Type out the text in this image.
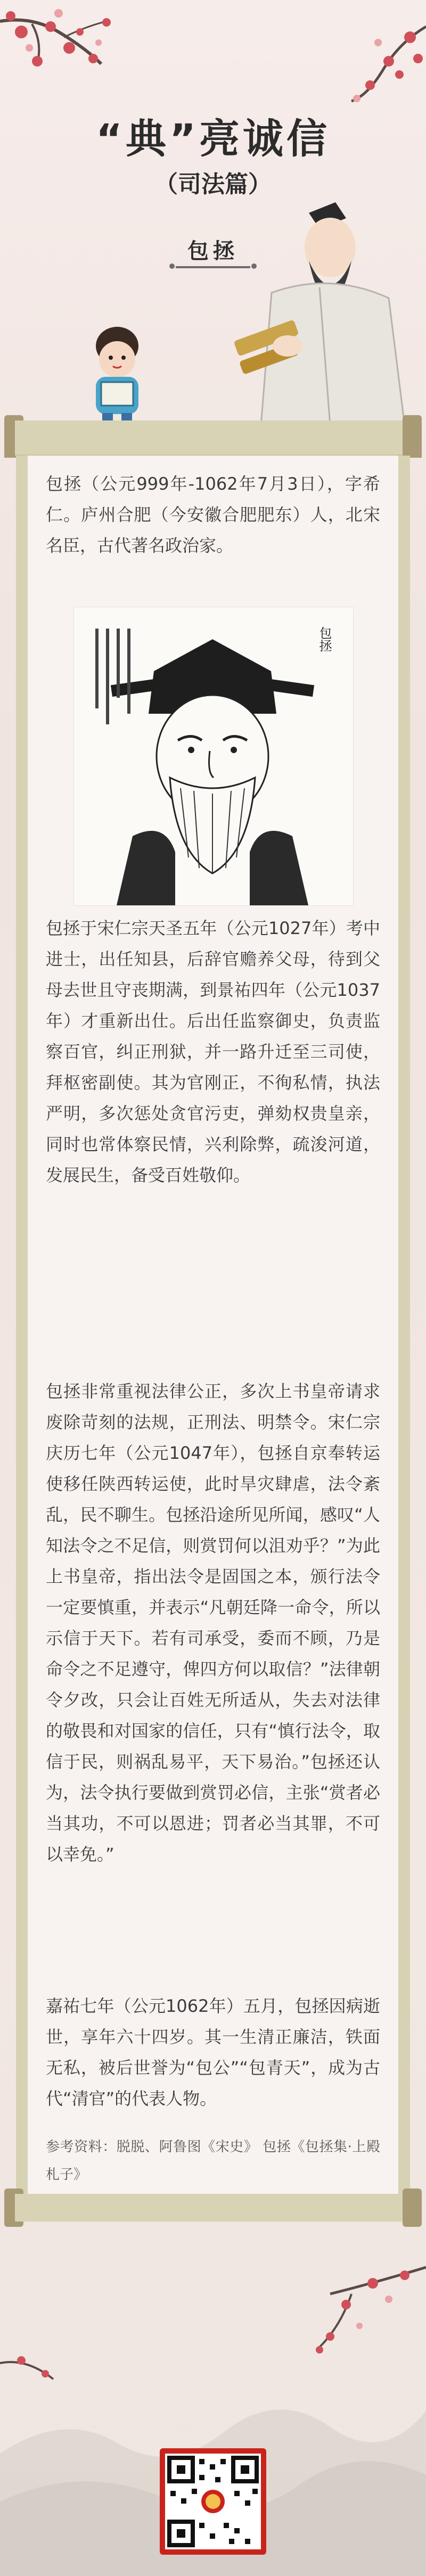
“典”亮诚信
（司法篇）
包拯

包拯（公元999年-1062年7月3日），字希仁。庐州合肥（今安徽合肥肥东）人，北宋名臣，古代著名政治家。

包拯

包拯于宋仁宗天圣五年（公元1027年）考中进士，出任知县，后辞官赡养父母，待到父母去世且守丧期满，到景祐四年（公元1037年）才重新出仕。后出任监察御史，负责监察百官，纠正刑狱，并一路升迁至三司使，拜枢密副使。其为官刚正，不徇私情，执法严明，多次惩处贪官污吏，弹劾权贵皇亲，同时也常体察民情，兴利除弊，疏浚河道，发展民生，备受百姓敬仰。

包拯非常重视法律公正，多次上书皇帝请求废除苛刻的法规，正刑法、明禁令。宋仁宗庆历七年（公元1047年），包拯自京奉转运使移任陕西转运使，此时旱灾肆虐，法令紊乱，民不聊生。包拯沿途所见所闻，感叹“人知法令之不足信，则赏罚何以沮劝乎？”为此上书皇帝，指出法令是固国之本，颁行法令一定要慎重，并表示“凡朝廷降一命令，所以示信于天下。若有司承受，委而不顾，乃是命令之不足遵守，俾四方何以取信？”法律朝令夕改，只会让百姓无所适从，失去对法律的敬畏和对国家的信任，只有“慎行法令，取信于民，则祸乱易平，天下易治。”包拯还认为，法令执行要做到赏罚必信，主张“赏者必当其功，不可以恩进；罚者必当其罪，不可以幸免。”

嘉祐七年（公元1062年）五月，包拯因病逝世，享年六十四岁。其一生清正廉洁，铁面无私，被后世誉为“包公”“包青天”，成为古代“清官”的代表人物。

参考资料：脱脱、阿鲁图《宋史》 包拯《包拯集·上殿札子》
